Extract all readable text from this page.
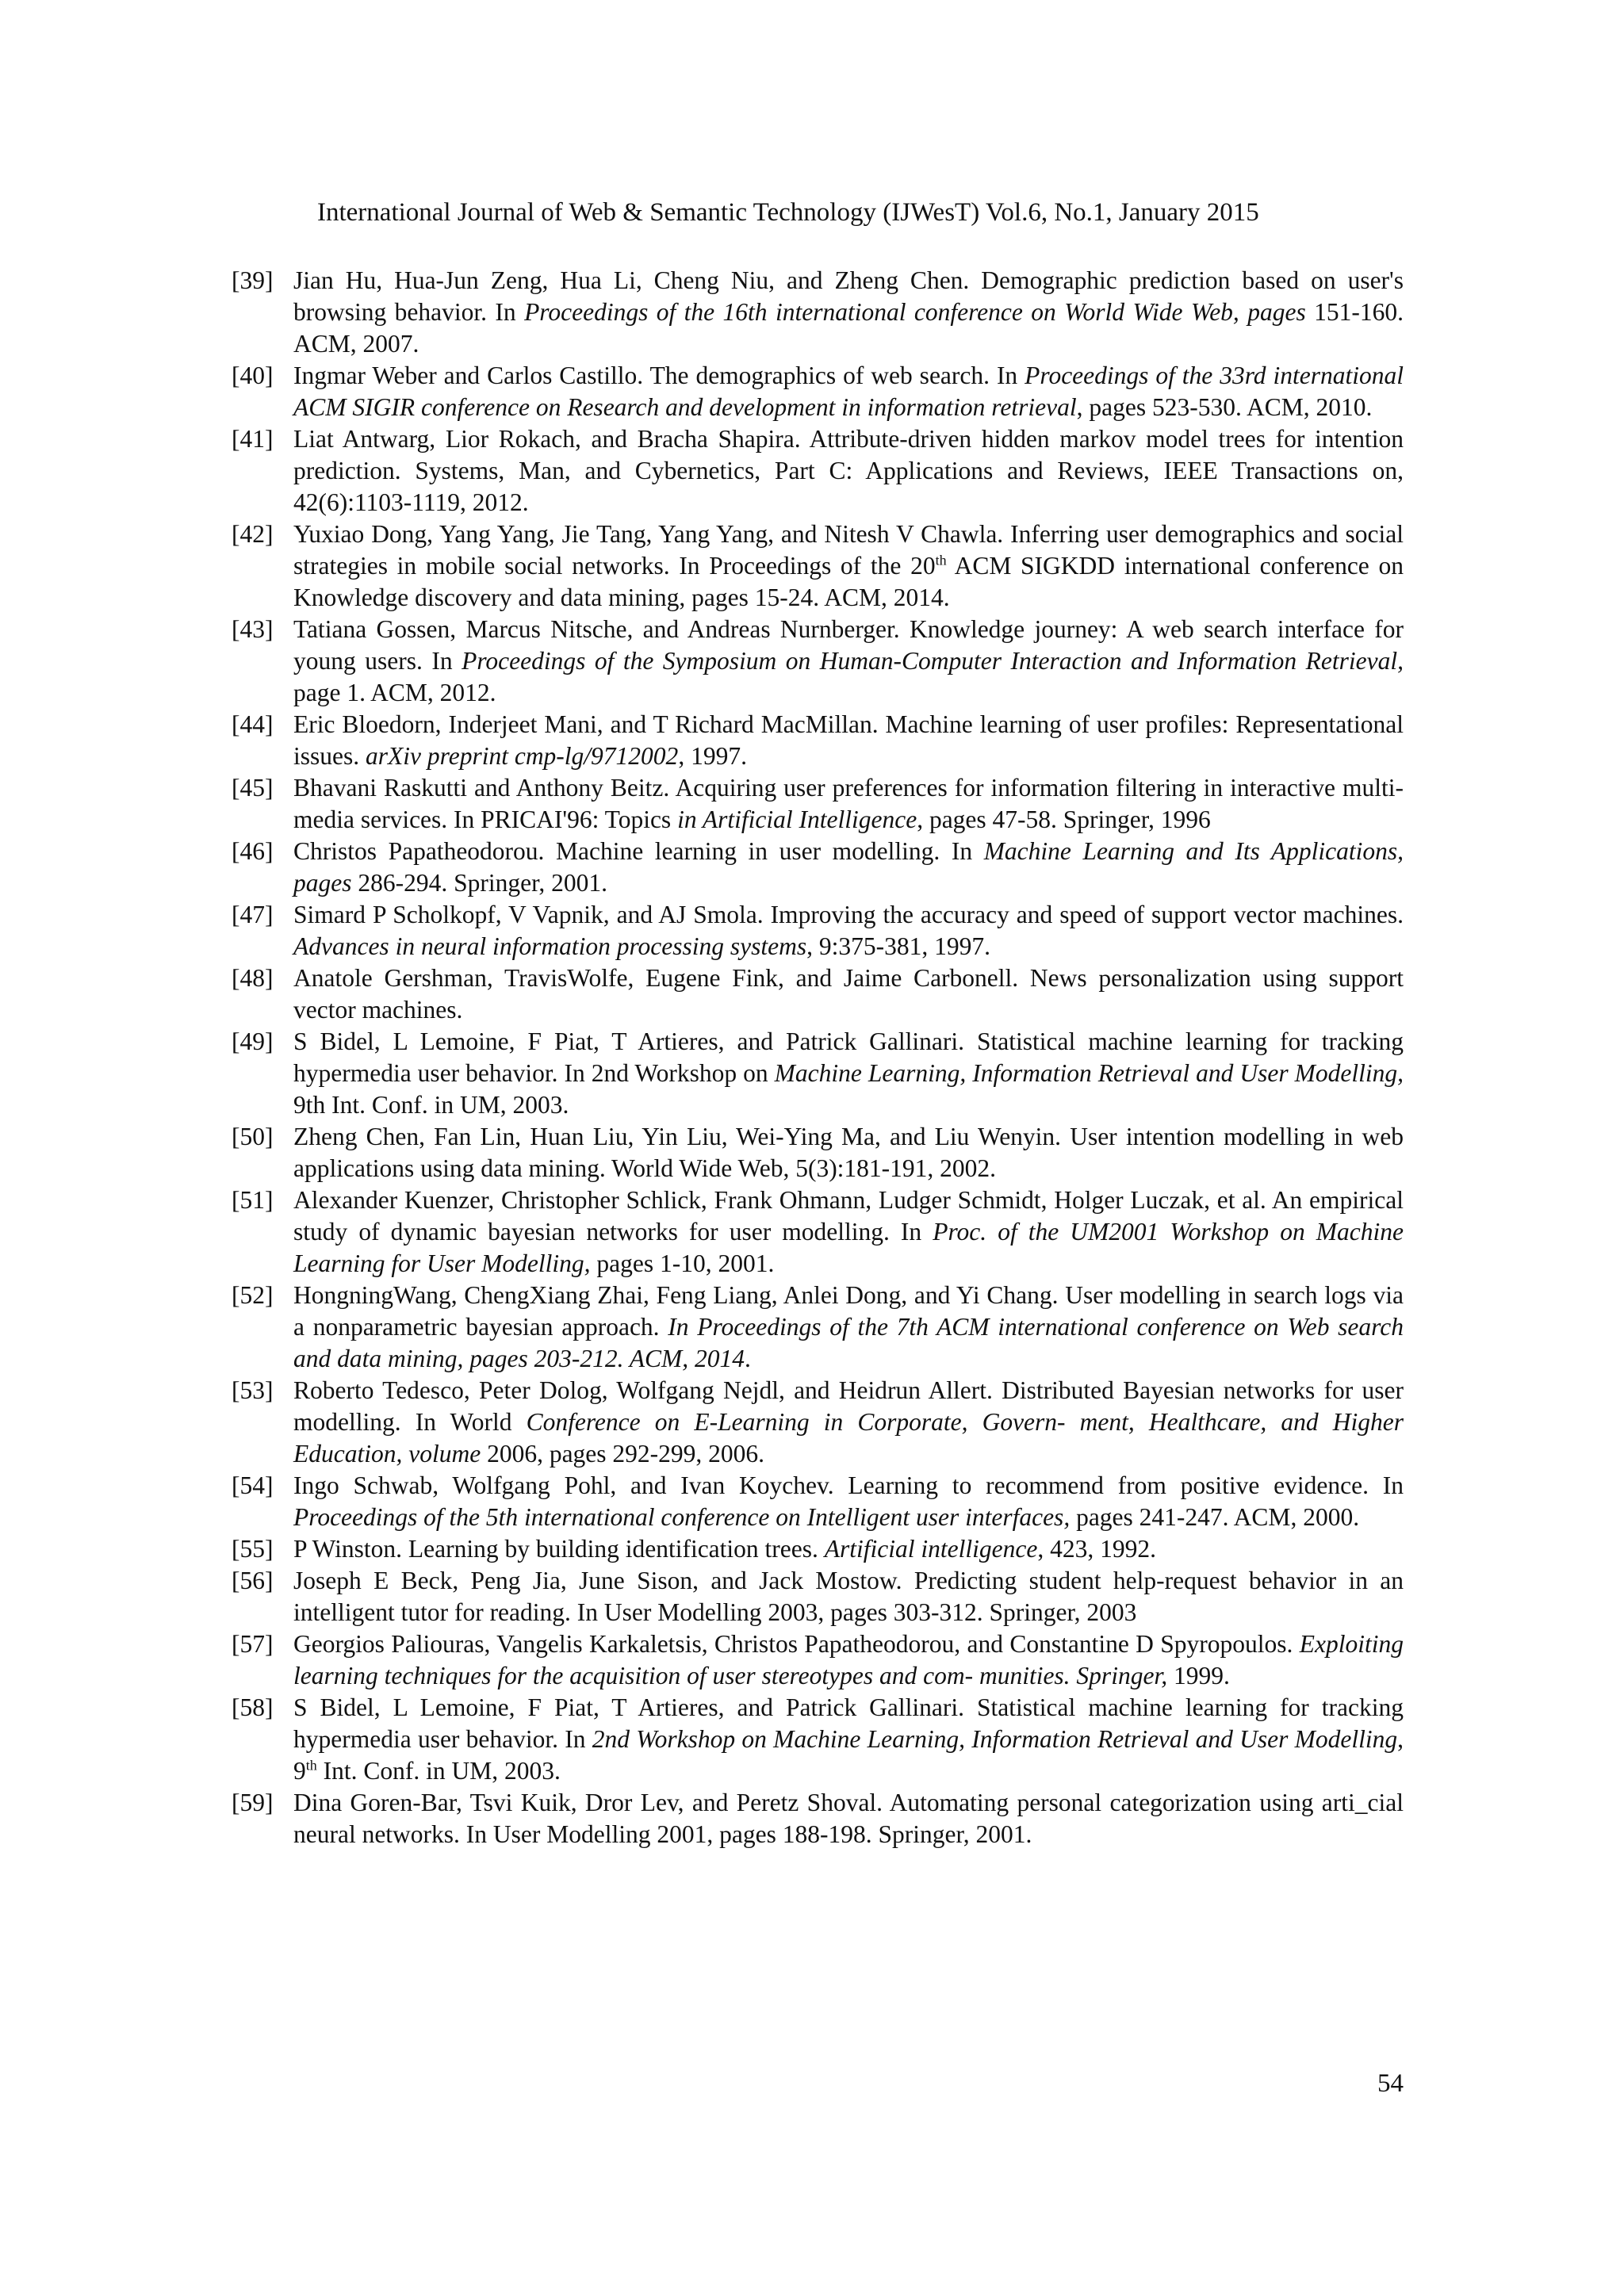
International Journal of Web & Semantic Technology (IJWesT) Vol.6, No.1, January 2015
[39] Jian Hu, Hua-Jun Zeng, Hua Li, Cheng Niu, and Zheng Chen. Demographic prediction based on user's browsing behavior. In Proceedings of the 16th international conference on World Wide Web, pages 151-160. ACM, 2007.
[40] Ingmar Weber and Carlos Castillo. The demographics of web search. In Proceedings of the 33rd international ACM SIGIR conference on Research and development in information retrieval, pages 523-530. ACM, 2010.
[41] Liat Antwarg, Lior Rokach, and Bracha Shapira. Attribute-driven hidden markov model trees for intention prediction. Systems, Man, and Cybernetics, Part C: Applications and Reviews, IEEE Transactions on, 42(6):1103-1119, 2012.
[42] Yuxiao Dong, Yang Yang, Jie Tang, Yang Yang, and Nitesh V Chawla. Inferring user demographics and social strategies in mobile social networks. In Proceedings of the 20th ACM SIGKDD international conference on Knowledge discovery and data mining, pages 15-24. ACM, 2014.
[43] Tatiana Gossen, Marcus Nitsche, and Andreas Nurnberger. Knowledge journey: A web search interface for young users. In Proceedings of the Symposium on Human-Computer Interaction and Information Retrieval, page 1. ACM, 2012.
[44] Eric Bloedorn, Inderjeet Mani, and T Richard MacMillan. Machine learning of user profiles: Representational issues. arXiv preprint cmp-lg/9712002, 1997.
[45] Bhavani Raskutti and Anthony Beitz. Acquiring user preferences for information filtering in interactive multi-media services. In PRICAI'96: Topics in Artificial Intelligence, pages 47-58. Springer, 1996
[46] Christos Papatheodorou. Machine learning in user modelling. In Machine Learning and Its Applications, pages 286-294. Springer, 2001.
[47] Simard P Scholkopf, V Vapnik, and AJ Smola. Improving the accuracy and speed of support vector machines. Advances in neural information processing systems, 9:375-381, 1997.
[48] Anatole Gershman, TravisWolfe, Eugene Fink, and Jaime Carbonell. News personalization using support vector machines.
[49] S Bidel, L Lemoine, F Piat, T Artieres, and Patrick Gallinari. Statistical machine learning for tracking hypermedia user behavior. In 2nd Workshop on Machine Learning, Information Retrieval and User Modelling, 9th Int. Conf. in UM, 2003.
[50] Zheng Chen, Fan Lin, Huan Liu, Yin Liu, Wei-Ying Ma, and Liu Wenyin. User intention modelling in web applications using data mining. World Wide Web, 5(3):181-191, 2002.
[51] Alexander Kuenzer, Christopher Schlick, Frank Ohmann, Ludger Schmidt, Holger Luczak, et al. An empirical study of dynamic bayesian networks for user modelling. In Proc. of the UM2001 Workshop on Machine Learning for User Modelling, pages 1-10, 2001.
[52] HongningWang, ChengXiang Zhai, Feng Liang, Anlei Dong, and Yi Chang. User modelling in search logs via a nonparametric bayesian approach. In Proceedings of the 7th ACM international conference on Web search and data mining, pages 203-212. ACM, 2014.
[53] Roberto Tedesco, Peter Dolog, Wolfgang Nejdl, and Heidrun Allert. Distributed Bayesian networks for user modelling. In World Conference on E-Learning in Corporate, Govern- ment, Healthcare, and Higher Education, volume 2006, pages 292-299, 2006.
[54] Ingo Schwab, Wolfgang Pohl, and Ivan Koychev. Learning to recommend from positive evidence. In Proceedings of the 5th international conference on Intelligent user interfaces, pages 241-247. ACM, 2000.
[55] P Winston. Learning by building identification trees. Artificial intelligence, 423, 1992.
[56] Joseph E Beck, Peng Jia, June Sison, and Jack Mostow. Predicting student help-request behavior in an intelligent tutor for reading. In User Modelling 2003, pages 303-312. Springer, 2003
[57] Georgios Paliouras, Vangelis Karkaletsis, Christos Papatheodorou, and Constantine D Spyropoulos. Exploiting learning techniques for the acquisition of user stereotypes and com- munities. Springer, 1999.
[58] S Bidel, L Lemoine, F Piat, T Artieres, and Patrick Gallinari. Statistical machine learning for tracking hypermedia user behavior. In 2nd Workshop on Machine Learning, Information Retrieval and User Modelling, 9th Int. Conf. in UM, 2003.
[59] Dina Goren-Bar, Tsvi Kuik, Dror Lev, and Peretz Shoval. Automating personal categorization using arti_cial neural networks. In User Modelling 2001, pages 188-198. Springer, 2001.
54
